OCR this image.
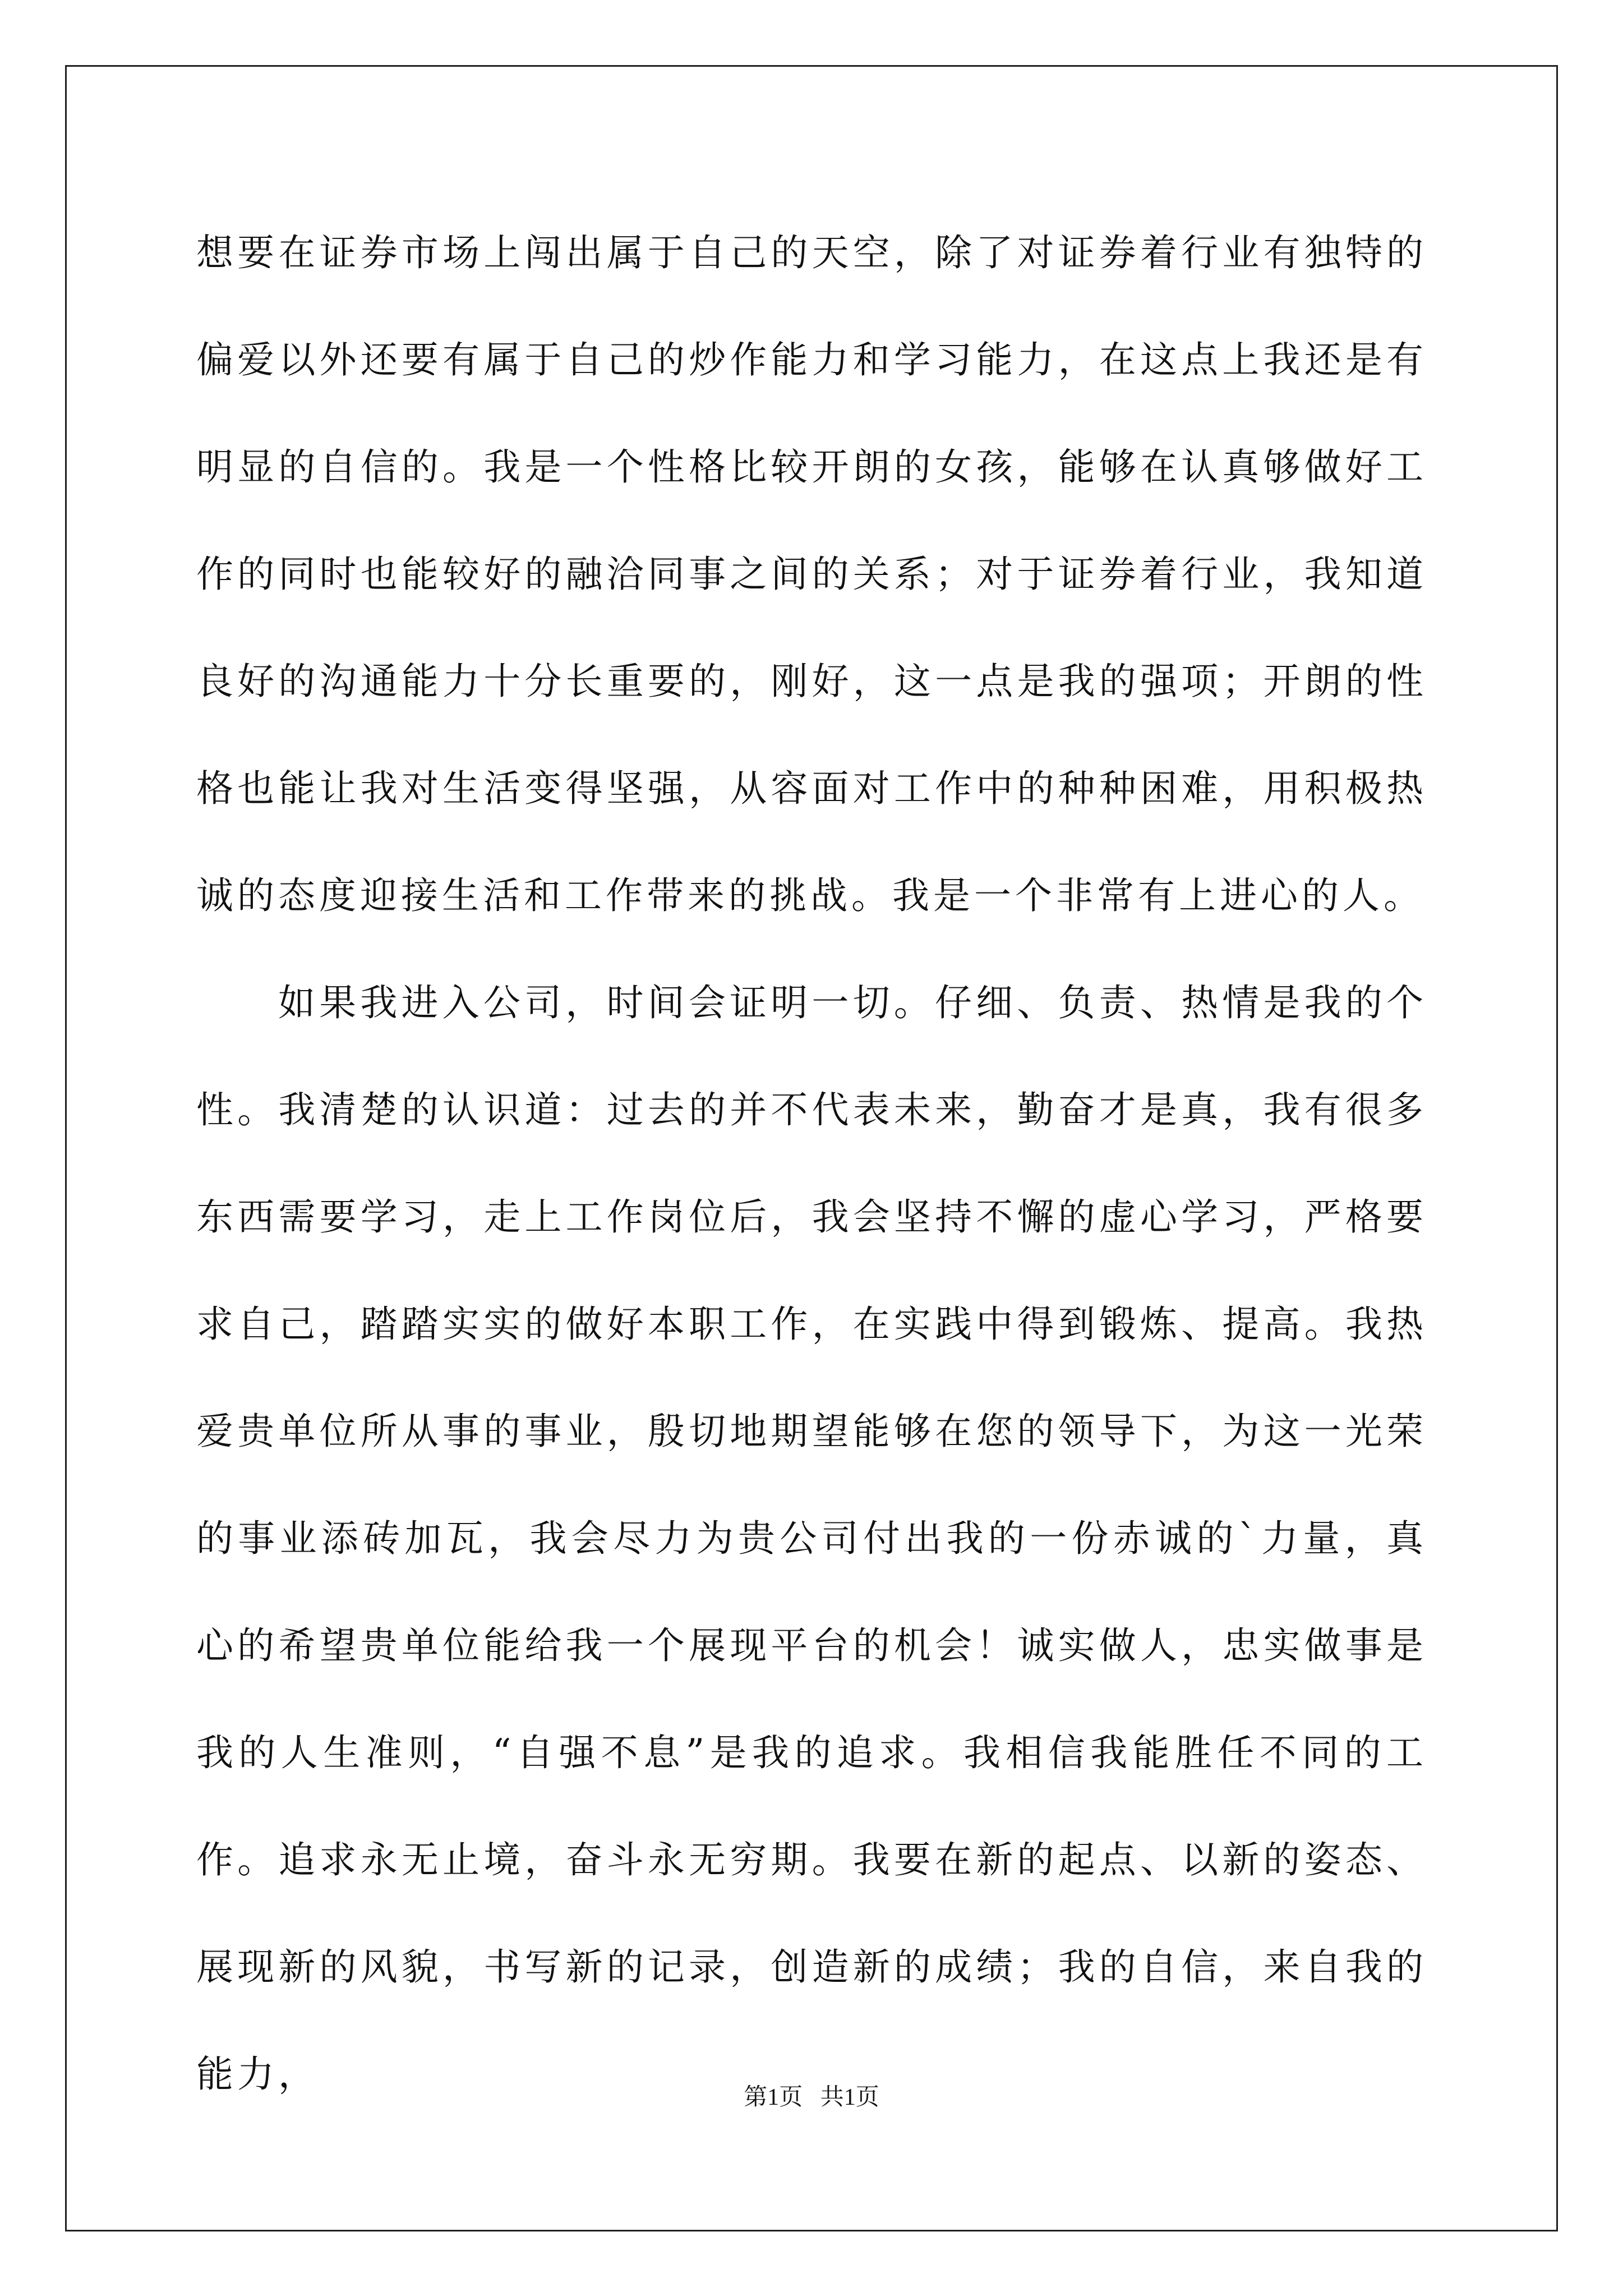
想要在证券市场上闯出属于自己的天空，除了对证券着行业有独特的偏爱以外还要有属于自己的炒作能力和学习能力，在这点上我还是有明显的自信的。我是一个性格比较开朗的女孩，能够在认真够做好工作的同时也能较好的融洽同事之间的关系；对于证券着行业，我知道良好的沟通能力十分长重要的，刚好，这一点是我的强项；开朗的性格也能让我对生活变得坚强，从容面对工作中的种种困难，用积极热诚的态度迎接生活和工作带来的挑战。我是一个非常有上进心的人。

如果我进入公司，时间会证明一切。仔细、负责、热情是我的个性。我清楚的认识道：过去的并不代表未来，勤奋才是真，我有很多东西需要学习，走上工作岗位后，我会坚持不懈的虚心学习，严格要求自己，踏踏实实的做好本职工作，在实践中得到锻炼、提高。我热爱贵单位所从事的事业，殷切地期望能够在您的领导下，为这一光荣的事业添砖加瓦，我会尽力为贵公司付出我的一份赤诚的`力量，真心的希望贵单位能给我一个展现平台的机会！诚实做人，忠实做事是我的人生准则，“自强不息”是我的追求。我相信我能胜任不同的工作。追求永无止境，奋斗永无穷期。我要在新的起点、以新的姿态、展现新的风貌，书写新的记录，创造新的成绩；我的自信，来自我的能力，

第1页 共1页
